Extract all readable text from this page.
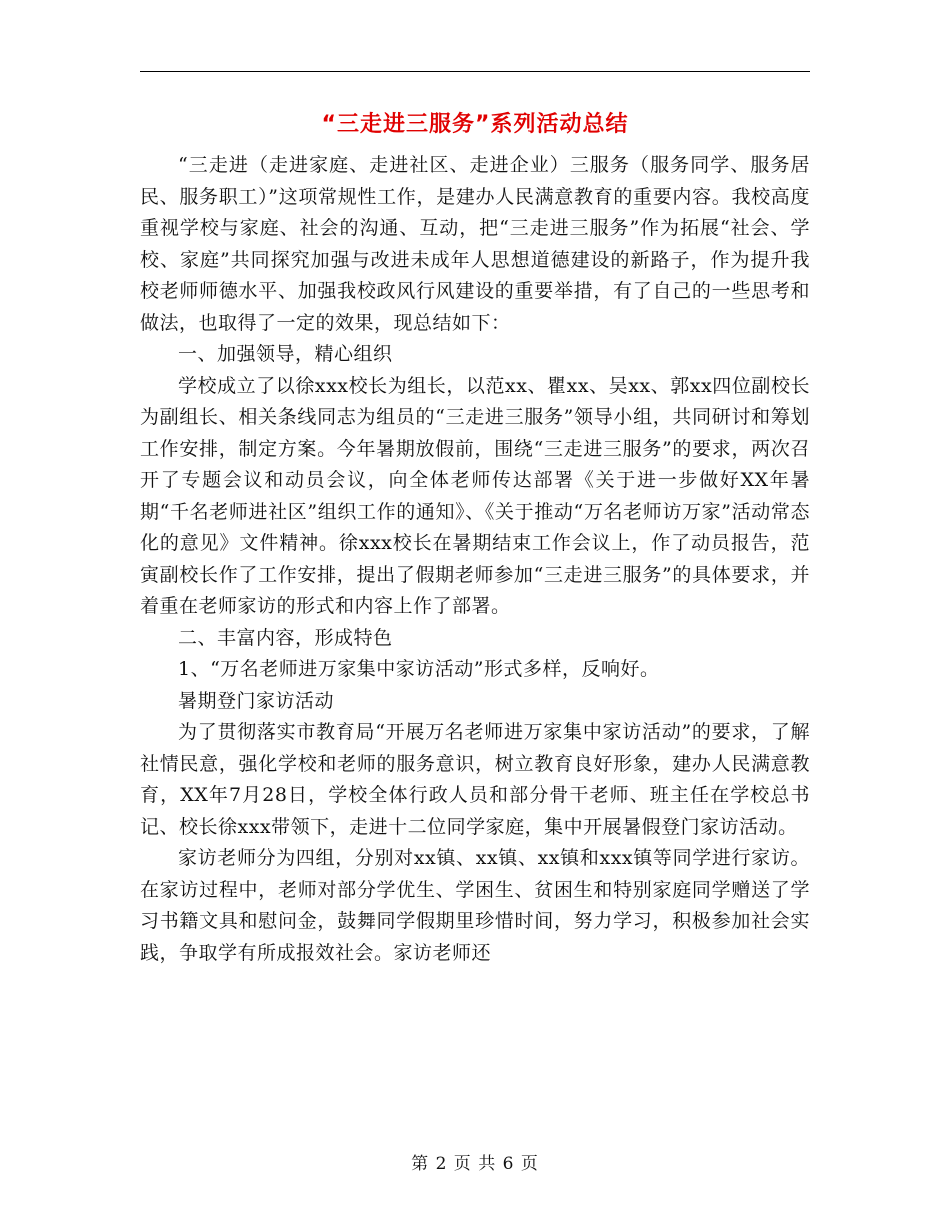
“三走进三服务”系列活动总结

“三走进（走进家庭、走进社区、走进企业）三服务（服务同学、服务居民、服务职工）”这项常规性工作，是建办人民满意教育的重要内容。我校高度重视学校与家庭、社会的沟通、互动，把“三走进三服务”作为拓展“社会、学校、家庭”共同探究加强与改进未成年人思想道德建设的新路子，作为提升我校老师师德水平、加强我校政风行风建设的重要举措，有了自己的一些思考和做法，也取得了一定的效果，现总结如下：

一、加强领导，精心组织

学校成立了以徐xxx校长为组长，以范xx、瞿xx、吴xx、郭xx四位副校长为副组长、相关条线同志为组员的“三走进三服务”领导小组，共同研讨和筹划工作安排，制定方案。今年暑期放假前，围绕“三走进三服务”的要求，两次召开了专题会议和动员会议，向全体老师传达部署《关于进一步做好XX年暑期“千名老师进社区”组织工作的通知》、《关于推动“万名老师访万家”活动常态化的意见》文件精神。徐xxx校长在暑期结束工作会议上，作了动员报告，范寅副校长作了工作安排，提出了假期老师参加“三走进三服务”的具体要求，并着重在老师家访的形式和内容上作了部署。

二、丰富内容，形成特色

1、“万名老师进万家集中家访活动”形式多样，反响好。

暑期登门家访活动

为了贯彻落实市教育局“开展万名老师进万家集中家访活动”的要求，了解社情民意，强化学校和老师的服务意识，树立教育良好形象，建办人民满意教育，XX年7月28日，学校全体行政人员和部分骨干老师、班主任在学校总书记、校长徐xxx带领下，走进十二位同学家庭，集中开展暑假登门家访活动。

家访老师分为四组，分别对xx镇、xx镇、xx镇和xxx镇等同学进行家访。在家访过程中，老师对部分学优生、学困生、贫困生和特别家庭同学赠送了学习书籍文具和慰问金，鼓舞同学假期里珍惜时间，努力学习，积极参加社会实践，争取学有所成报效社会。家访老师还

第 2 页 共 6 页
